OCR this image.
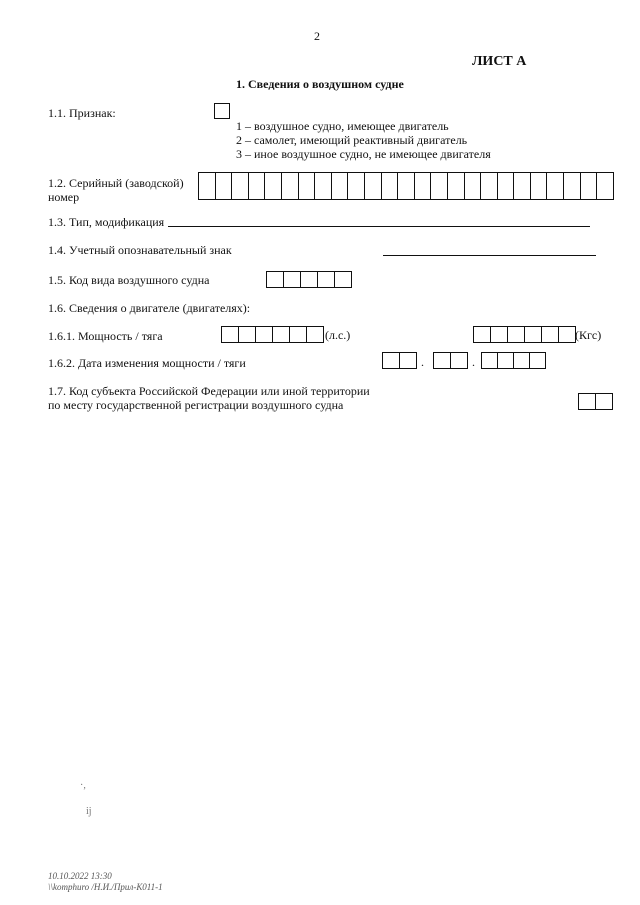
2
ЛИСТ А
1. Сведения о воздушном судне
1.1. Признак:
1 – воздушное судно, имеющее двигатель
2 – самолет, имеющий реактивный двигатель
3 – иное воздушное судно, не имеющее двигателя
1.2. Серийный (заводской)
номер
1.3. Тип, модификация
1.4. Учетный опознавательный знак
1.5. Код вида воздушного судна
1.6. Сведения о двигателе (двигателях):
1.6.1. Мощность / тяга	(л.с.)	(Кгс)
1.6.2. Дата изменения мощности / тяги	.	.
1.7. Код субъекта Российской Федерации или иной территории
по месту государственной регистрации воздушного судна
·,
ij
10.10.2022 13:30
\\komphuro /Н.И./Прил-К011-1
